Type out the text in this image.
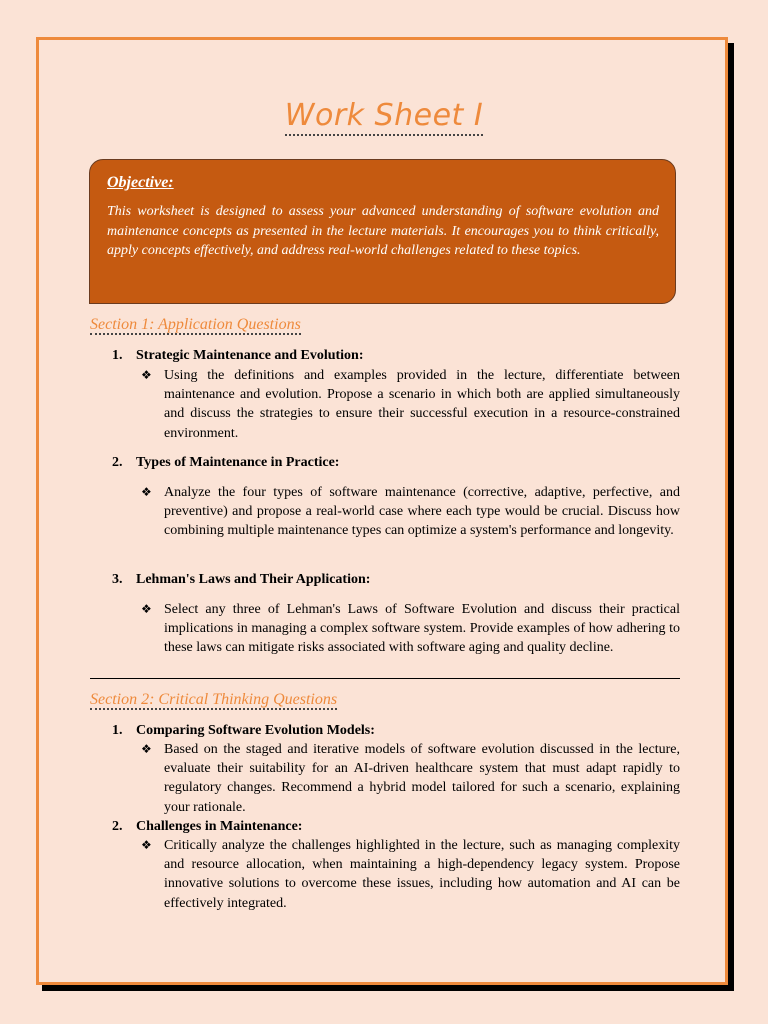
Work Sheet I
Objective:
This worksheet is designed to assess your advanced understanding of software evolution and maintenance concepts as presented in the lecture materials. It encourages you to think critically, apply concepts effectively, and address real-world challenges related to these topics.
Section 1: Application Questions
1. Strategic Maintenance and Evolution:
❖ Using the definitions and examples provided in the lecture, differentiate between maintenance and evolution. Propose a scenario in which both are applied simultaneously and discuss the strategies to ensure their successful execution in a resource-constrained environment.
2. Types of Maintenance in Practice:
❖ Analyze the four types of software maintenance (corrective, adaptive, perfective, and preventive) and propose a real-world case where each type would be crucial. Discuss how combining multiple maintenance types can optimize a system's performance and longevity.
3. Lehman's Laws and Their Application:
❖ Select any three of Lehman's Laws of Software Evolution and discuss their practical implications in managing a complex software system. Provide examples of how adhering to these laws can mitigate risks associated with software aging and quality decline.
Section 2: Critical Thinking Questions
1. Comparing Software Evolution Models:
❖ Based on the staged and iterative models of software evolution discussed in the lecture, evaluate their suitability for an AI-driven healthcare system that must adapt rapidly to regulatory changes. Recommend a hybrid model tailored for such a scenario, explaining your rationale.
2. Challenges in Maintenance:
❖ Critically analyze the challenges highlighted in the lecture, such as managing complexity and resource allocation, when maintaining a high-dependency legacy system. Propose innovative solutions to overcome these issues, including how automation and AI can be effectively integrated.
